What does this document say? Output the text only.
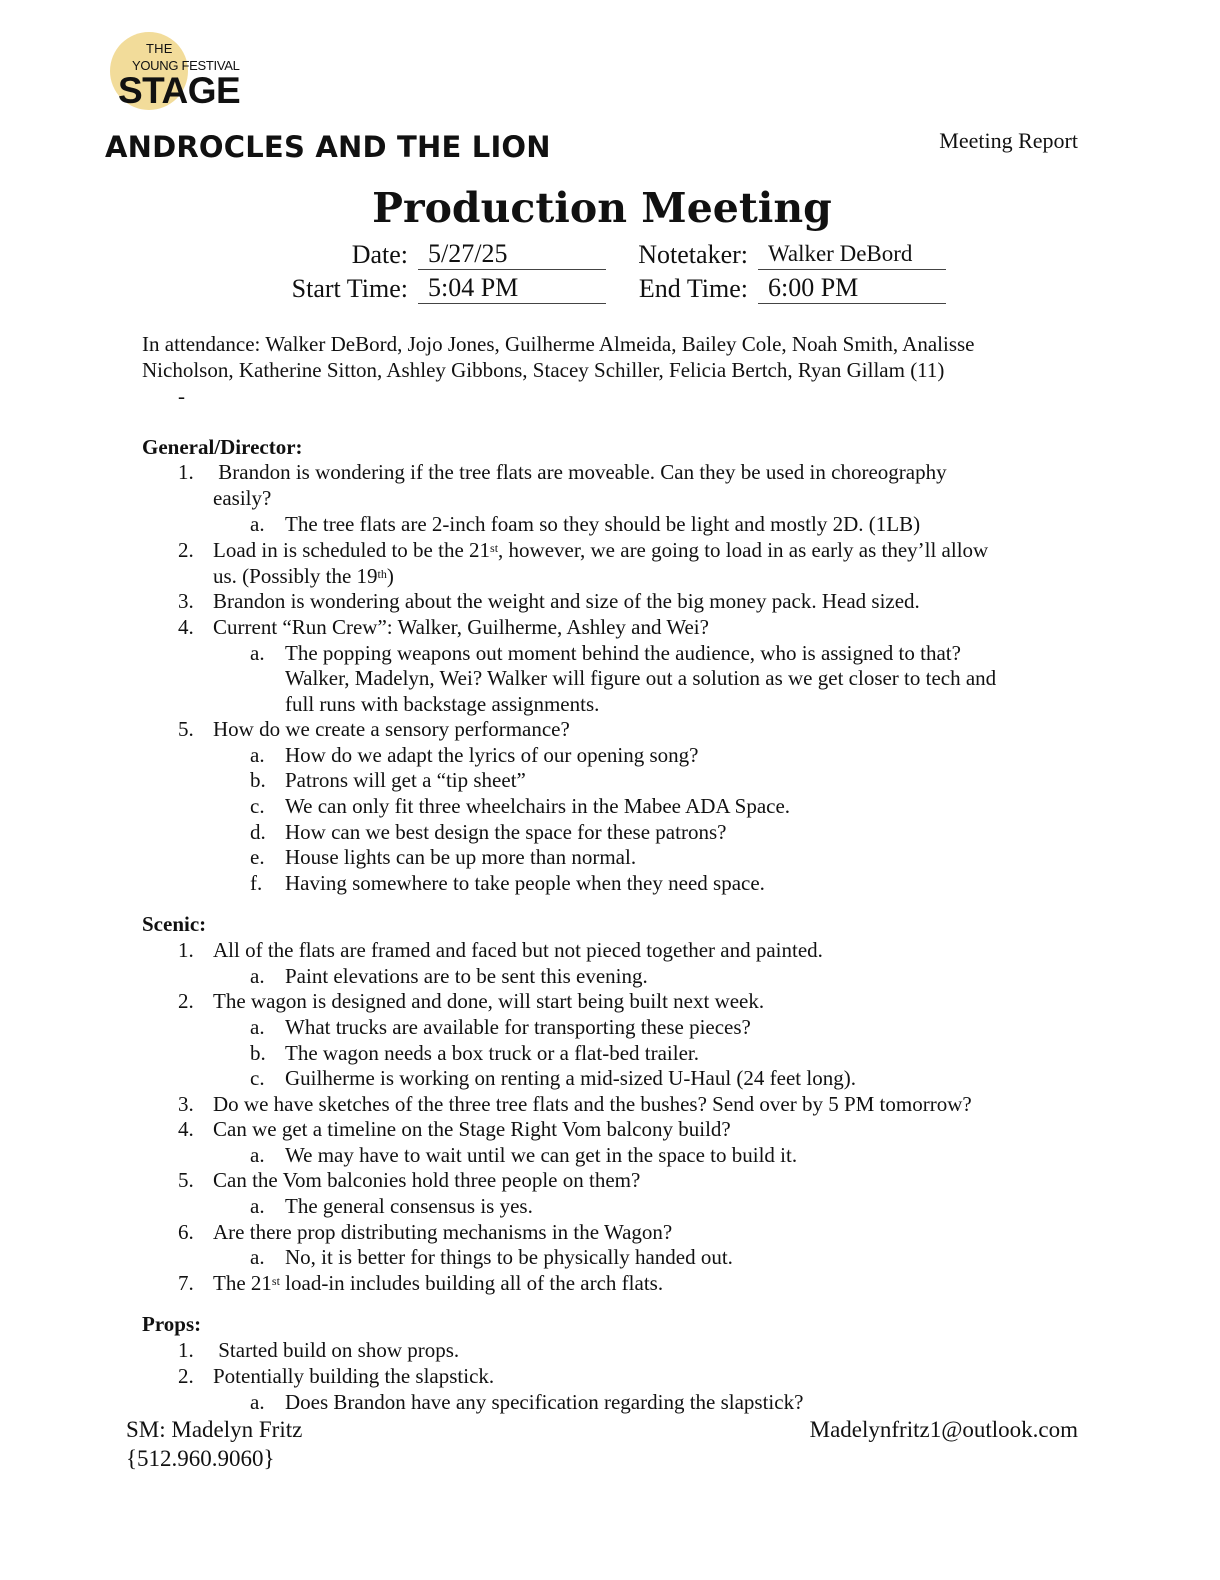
THE
YOUNG FESTIVAL
STAGE
ANDROCLES AND THE LION	Meeting Report
Production Meeting
Date: 5/27/25	Notetaker: Walker DeBord
Start Time: 5:04 PM	End Time: 6:00 PM
In attendance: Walker DeBord, Jojo Jones, Guilherme Almeida, Bailey Cole, Noah Smith, Analisse
Nicholson, Katherine Sitton, Ashley Gibbons, Stacey Schiller, Felicia Bertch, Ryan Gillam (11)
-
General/Director:
1. Brandon is wondering if the tree flats are moveable. Can they be used in choreography
easily?
a. The tree flats are 2-inch foam so they should be light and mostly 2D. (1LB)
2. Load in is scheduled to be the 21st, however, we are going to load in as early as they’ll allow
us. (Possibly the 19th)
3. Brandon is wondering about the weight and size of the big money pack. Head sized.
4. Current “Run Crew”: Walker, Guilherme, Ashley and Wei?
a. The popping weapons out moment behind the audience, who is assigned to that?
Walker, Madelyn, Wei? Walker will figure out a solution as we get closer to tech and
full runs with backstage assignments.
5. How do we create a sensory performance?
a. How do we adapt the lyrics of our opening song?
b. Patrons will get a “tip sheet”
c. We can only fit three wheelchairs in the Mabee ADA Space.
d. How can we best design the space for these patrons?
e. House lights can be up more than normal.
f. Having somewhere to take people when they need space.
Scenic:
1. All of the flats are framed and faced but not pieced together and painted.
a. Paint elevations are to be sent this evening.
2. The wagon is designed and done, will start being built next week.
a. What trucks are available for transporting these pieces?
b. The wagon needs a box truck or a flat-bed trailer.
c. Guilherme is working on renting a mid-sized U-Haul (24 feet long).
3. Do we have sketches of the three tree flats and the bushes? Send over by 5 PM tomorrow?
4. Can we get a timeline on the Stage Right Vom balcony build?
a. We may have to wait until we can get in the space to build it.
5. Can the Vom balconies hold three people on them?
a. The general consensus is yes.
6. Are there prop distributing mechanisms in the Wagon?
a. No, it is better for things to be physically handed out.
7. The 21st load-in includes building all of the arch flats.
Props:
1. Started build on show props.
2. Potentially building the slapstick.
a. Does Brandon have any specification regarding the slapstick?
SM: Madelyn Fritz
{512.960.9060}
Madelynfritz1@outlook.com
